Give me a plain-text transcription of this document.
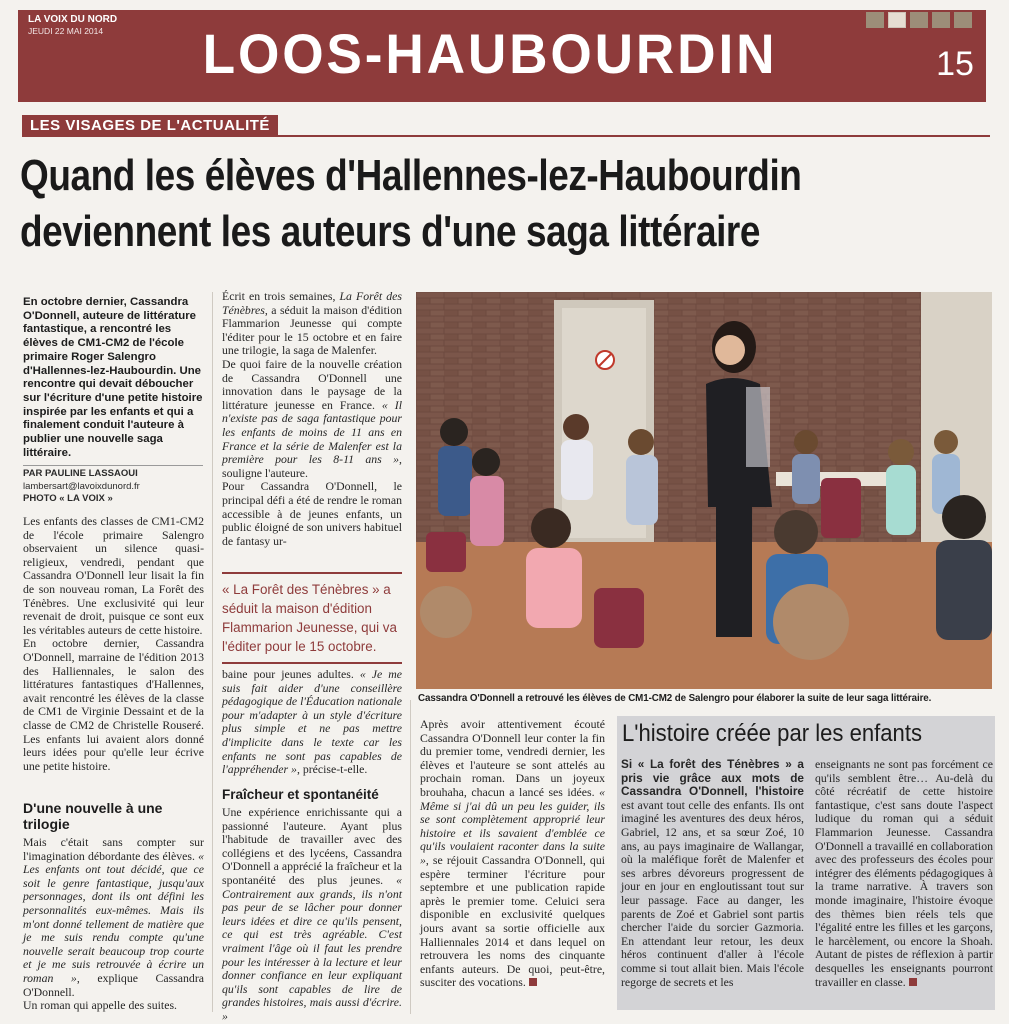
LA VOIX DU NORD
JEUDI 22 MAI 2014 LOOS-HAUBOURDIN	15
LES VISAGES DE L'ACTUALITÉ
Quand les élèves d'Hallennes-lez-Haubourdin
deviennent les auteurs d'une saga littéraire
En octobre dernier, Cassandra O'Donnell, auteure de littérature fantastique, a rencontré les élèves de CM1-CM2 de l'école primaire Roger Salengro d'Hallennes-lez-Haubourdin. Une rencontre qui devait déboucher sur l'écriture d'une petite histoire inspirée par les enfants et qui a finalement conduit l'auteure à publier une nouvelle saga littéraire.
PAR PAULINE LASSAOUI
lambersart@lavoixdunord.fr
PHOTO « LA VOIX »

Les enfants des classes de CM1-CM2 de l'école primaire Salengro observaient un silence quasi-religieux, vendredi, pendant que Cassandra O'Donnell leur lisait la fin de son nouveau roman, La Forêt des Ténèbres. Une exclusivité qui leur revenait de droit, puisque ce sont eux les véritables auteurs de cette histoire.

En octobre dernier, Cassandra O'Donnell, marraine de l'édition 2013 des Halliennales, le salon des littératures fantastiques d'Hallennes, avait rencontré les élèves de la classe de CM1 de Virginie Dessaint et de la classe de CM2 de Christelle Rouseré. Les enfants lui avaient alors donné leurs idées pour qu'elle leur écrive une petite histoire.

D'une nouvelle à une trilogie

Mais c'était sans compter sur l'imagination débordante des élèves. « Les enfants ont tout décidé, que ce soit le genre fantastique, jusqu'aux personnages, dont ils ont défini les personnalités eux-mêmes. Mais ils m'ont donné tellement de matière que je me suis rendu compte qu'une nouvelle serait beaucoup trop courte et je me suis retrouvée à écrire un roman », explique Cassandra O'Donnell.

Un roman qui appelle des suites.

Écrit en trois semaines, La Forêt des Ténèbres, a séduit la maison d'édition Flammarion Jeunesse qui compte l'éditer pour le 15 octobre et en faire une trilogie, la saga de Malenfer.

De quoi faire de la nouvelle création de Cassandra O'Donnell une innovation dans le paysage de la littérature jeunesse en France. « Il n'existe pas de saga fantastique pour les enfants de moins de 11 ans en France et la série de Malenfer est la première pour les 8-11 ans », souligne l'auteure.

Pour Cassandra O'Donnell, le principal défi a été de rendre le roman accessible à de jeunes enfants, un public éloigné de son univers habituel de fantasy ur-

« La Forêt des Ténèbres » a séduit la maison d'édition Flammarion Jeunesse, qui va l'éditer pour le 15 octobre.

baine pour jeunes adultes. « Je me suis fait aider d'une conseillère pédagogique de l'Éducation nationale pour m'adapter à un style d'écriture plus simple et ne pas mettre d'implicite dans le texte car les enfants ne sont pas capables de l'appréhender », précise-t-elle.

Fraîcheur et spontanéité

Une expérience enrichissante qui a passionné l'auteure. Ayant plus l'habitude de travailler avec des collégiens et des lycéens, Cassandra O'Donnell a apprécié la fraîcheur et la spontanéité des plus jeunes. « Contrairement aux grands, ils n'ont pas peur de se lâcher pour donner leurs idées et dire ce qu'ils pensent, ce qui est très agréable. C'est vraiment l'âge où il faut les prendre pour les intéresser à la lecture et leur donner confiance en leur expliquant qu'ils sont capables de lire de grandes histoires, mais aussi d'écrire. »

Cassandra O'Donnell a retrouvé les élèves de CM1-CM2 de Salengro pour élaborer la suite de leur saga littéraire.

Après avoir attentivement écouté Cassandra O'Donnell leur conter la fin du premier tome, vendredi dernier, les élèves et l'auteure se sont attelés au prochain roman. Dans un joyeux brouhaha, chacun a lancé ses idées. « Même si j'ai dû un peu les guider, ils se sont complètement approprié leur histoire et ils savaient d'emblée ce qu'ils voulaient raconter dans la suite », se réjouit Cassandra O'Donnell, qui espère terminer l'écriture pour septembre et une publication rapide après le premier tome. Celuici sera disponible en exclusivité quelques jours avant sa sortie officielle aux Halliennales 2014 et dans lequel on retrouvera les noms des cinquante enfants auteurs. De quoi, peut-être, susciter des vocations.

L'histoire créée par les enfants

Si « La forêt des Ténèbres » a pris vie grâce aux mots de Cassandra O'Donnell, l'histoire est avant tout celle des enfants. Ils ont imaginé les aventures des deux héros, Gabriel, 12 ans, et sa sœur Zoé, 10 ans, au pays imaginaire de Wallangar, où la maléfique forêt de Malenfer et ses arbres dévoreurs progressent de jour en jour en engloutissant tout sur leur passage. Face au danger, les parents de Zoé et Gabriel sont partis chercher l'aide du sorcier Gazmoria. En attendant leur retour, les deux héros continuent d'aller à l'école comme si tout allait bien. Mais l'école regorge de secrets et les

enseignants ne sont pas forcément ce qu'ils semblent être… Au-delà du côté récréatif de cette histoire fantastique, c'est sans doute l'aspect ludique du roman qui a séduit Flammarion Jeunesse. Cassandra O'Donnell a travaillé en collaboration avec des professeurs des écoles pour intégrer des éléments pédagogiques à la trame narrative. À travers son monde imaginaire, l'histoire évoque des thèmes bien réels tels que l'égalité entre les filles et les garçons, le harcèlement, ou encore la Shoah. Autant de pistes de réflexion à partir desquelles les enseignants pourront travailler en classe.
